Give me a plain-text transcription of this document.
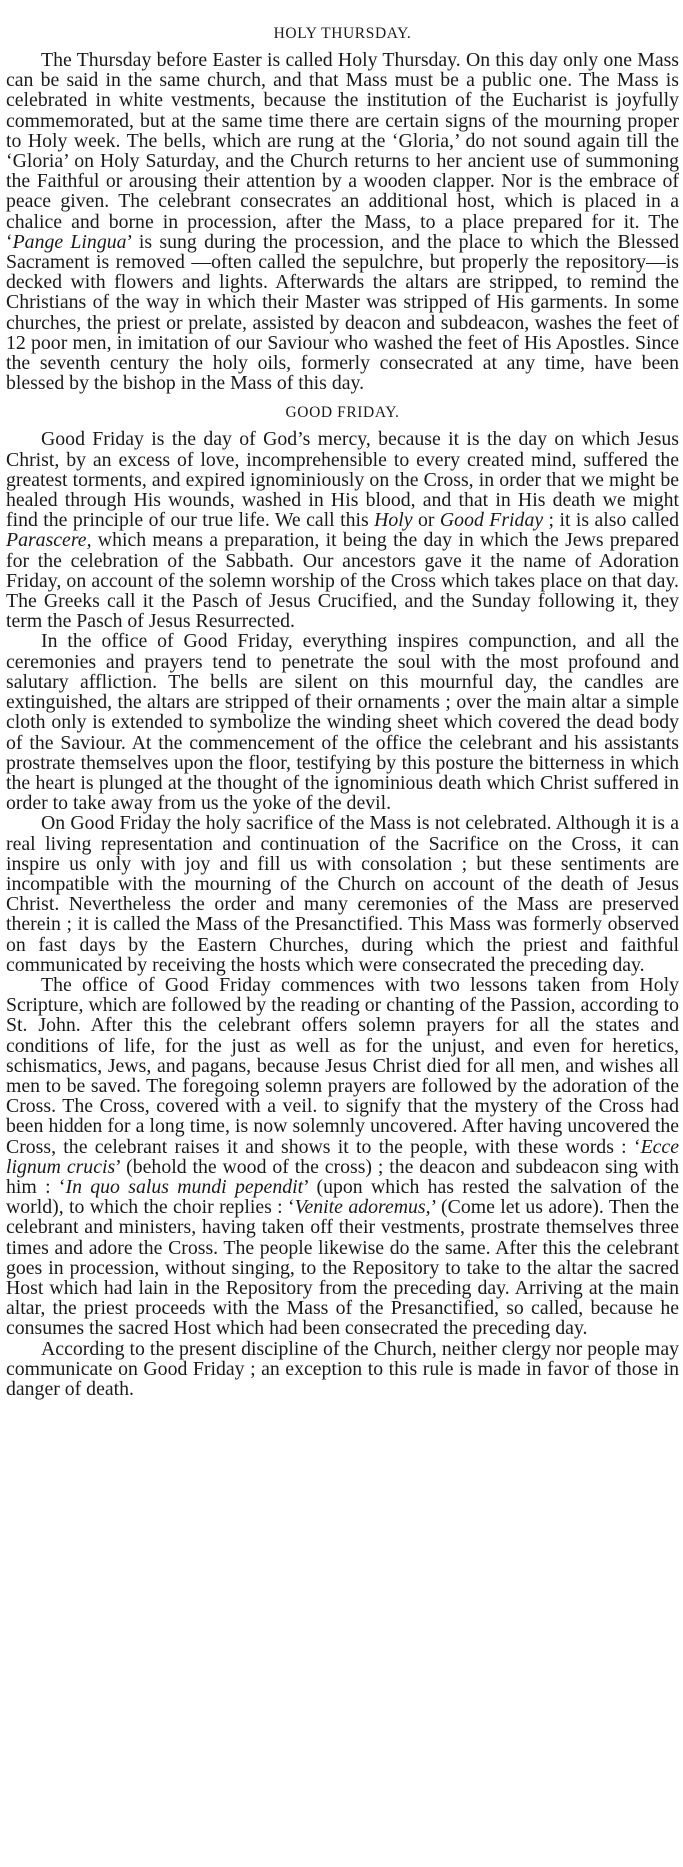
HOLY THURSDAY.

The Thursday before Easter is called Holy Thursday. On this day only one Mass can be said in the same church, and that Mass must be a public one. The Mass is celebrated in white vestments, because the institution of the Eucharist is joyfully commemorated, but at the same time there are certain signs of the mourning proper to Holy week. The bells, which are rung at the ‘Gloria,’ do not sound again till the ‘Gloria’ on Holy Saturday, and the Church returns to her ancient use of summoning the Faithful or arousing their attention by a wooden clapper. Nor is the embrace of peace given. The celebrant consecrates an additional host, which is placed in a chalice and borne in procession, after the Mass, to a place prepared for it. The ‘Pange Lingua’ is sung during the procession, and the place to which the Blessed Sacrament is removed —often called the sepulchre, but properly the repository—is decked with flowers and lights. Afterwards the altars are stripped, to remind the Christians of the way in which their Master was stripped of His garments. In some churches, the priest or prelate, assisted by deacon and subdeacon, washes the feet of 12 poor men, in imitation of our Saviour who washed the feet of His Apostles. Since the seventh century the holy oils, formerly consecrated at any time, have been blessed by the bishop in the Mass of this day.

GOOD FRIDAY.

Good Friday is the day of God’s mercy, because it is the day on which Jesus Christ, by an excess of love, incomprehensible to every created mind, suffered the greatest torments, and expired ignominiously on the Cross, in order that we might be healed through His wounds, washed in His blood, and that in His death we might find the principle of our true life. We call this Holy or Good Friday ; it is also called Parascere, which means a preparation, it being the day in which the Jews prepared for the celebration of the Sabbath. Our ancestors gave it the name of Adoration Friday, on account of the solemn worship of the Cross which takes place on that day. The Greeks call it the Pasch of Jesus Crucified, and the Sunday following it, they term the Pasch of Jesus Resurrected.

In the office of Good Friday, everything inspires compunction, and all the ceremonies and prayers tend to penetrate the soul with the most profound and salutary affliction. The bells are silent on this mournful day, the candles are extinguished, the altars are stripped of their ornaments ; over the main altar a simple cloth only is extended to symbolize the winding sheet which covered the dead body of the Saviour. At the commencement of the office the celebrant and his assistants prostrate themselves upon the floor, testifying by this posture the bitterness in which the heart is plunged at the thought of the ignominious death which Christ suffered in order to take away from us the yoke of the devil.

On Good Friday the holy sacrifice of the Mass is not celebrated. Although it is a real living representation and continuation of the Sacrifice on the Cross, it can inspire us only with joy and fill us with consolation ; but these sentiments are incompatible with the mourning of the Church on account of the death of Jesus Christ. Nevertheless the order and many ceremonies of the Mass are preserved therein ; it is called the Mass of the Presanctified. This Mass was formerly observed on fast days by the Eastern Churches, during which the priest and faithful communicated by receiving the hosts which were consecrated the preceding day.

The office of Good Friday commences with two lessons taken from Holy Scripture, which are followed by the reading or chanting of the Passion, according to St. John. After this the celebrant offers solemn prayers for all the states and conditions of life, for the just as well as for the unjust, and even for heretics, schismatics, Jews, and pagans, because Jesus Christ died for all men, and wishes all men to be saved. The foregoing solemn prayers are followed by the adoration of the Cross. The Cross, covered with a veil. to signify that the mystery of the Cross had been hidden for a long time, is now solemnly uncovered. After having uncovered the Cross, the celebrant raises it and shows it to the people, with these words : ‘Ecce lignum crucis’ (behold the wood of the cross) ; the deacon and subdeacon sing with him : ‘In quo salus mundi pependit’ (upon which has rested the salvation of the world), to which the choir replies : ‘Venite adoremus,’ (Come let us adore). Then the celebrant and ministers, having taken off their vestments, prostrate themselves three times and adore the Cross. The people likewise do the same. After this the celebrant goes in procession, without singing, to the Repository to take to the altar the sacred Host which had lain in the Repository from the preceding day. Arriving at the main altar, the priest proceeds with the Mass of the Presanctified, so called, because he consumes the sacred Host which had been consecrated the preceding day.

According to the present discipline of the Church, neither clergy nor people may communicate on Good Friday ; an exception to this rule is made in favor of those in danger of death.
